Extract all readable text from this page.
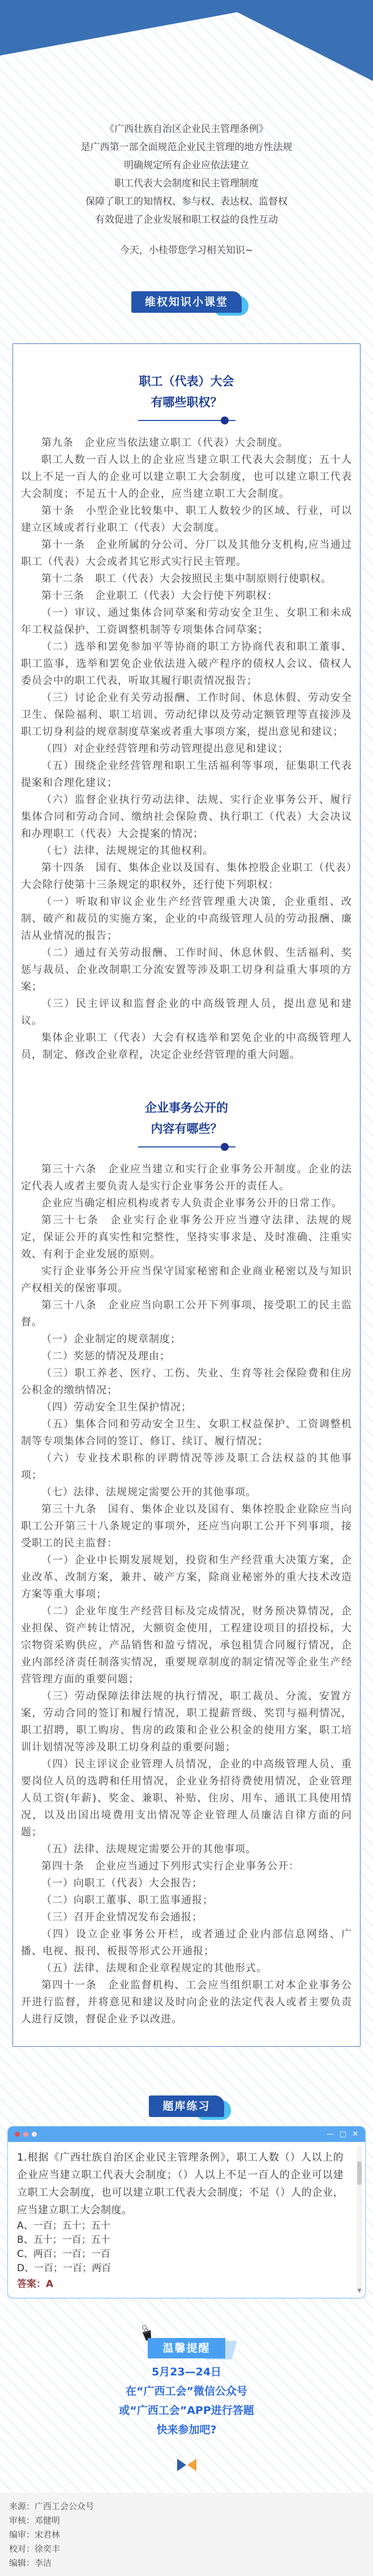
《广西壮族自治区企业民主管理条例》

是广西第一部全面规范企业民主管理的地方性法规

明确规定所有企业应依法建立

职工代表大会制度和民主管理制度

保障了职工的知情权、参与权、表达权、监督权

有效促进了企业发展和职工权益的良性互动

今天，小桂带您学习相关知识~

维权知识小课堂
职工（代表）大会
有哪些职权？

第九条　企业应当依法建立职工（代表）大会制度。

职工人数一百人以上的企业应当建立职工代表大会制度；五十人以上不足一百人的企业可以建立职工大会制度，也可以建立职工代表大会制度；不足五十人的企业，应当建立职工大会制度。

第十条　小型企业比较集中、职工人数较少的区域、行业，可以建立区域或者行业职工（代表）大会制度。

第十一条　企业所属的分公司、分厂以及其他分支机构,应当通过职工（代表）大会或者其它形式实行民主管理。

第十二条　职工（代表）大会按照民主集中制原则行使职权。

第十三条　企业职工（代表）大会行使下列职权：

（一）审议、通过集体合同草案和劳动安全卫生、女职工和未成年工权益保护、工资调整机制等专项集体合同草案；

（二）选举和罢免参加平等协商的职工方协商代表和职工董事、职工监事，选举和罢免企业依法进入破产程序的债权人会议、债权人委员会中的职工代表，听取其履行职责情况报告；

（三）讨论企业有关劳动报酬、工作时间、休息休假、劳动安全卫生、保险福利、职工培训、劳动纪律以及劳动定额管理等直接涉及职工切身利益的规章制度草案或者重大事项方案，提出意见和建议；

（四）对企业经营管理和劳动管理提出意见和建议；

（五）围绕企业经营管理和职工生活福利等事项，征集职工代表提案和合理化建议；

（六）监督企业执行劳动法律、法规、实行企业事务公开、履行集体合同和劳动合同、缴纳社会保险费、执行职工（代表）大会决议和办理职工（代表）大会提案的情况；

（七）法律、法规规定的其他权利。

第十四条　国有、集体企业以及国有、集体控股企业职工（代表）大会除行使第十三条规定的职权外，还行使下列职权：

（一）听取和审议企业生产经营管理重大决策，企业重组、改制、破产和裁员的实施方案，企业的中高级管理人员的劳动报酬、廉洁从业情况的报告；

（二）通过有关劳动报酬、工作时间、休息休假、生活福利、奖惩与裁员、企业改制职工分流安置等涉及职工切身利益重大事项的方案；

（三）民主评议和监督企业的中高级管理人员，提出意见和建议。

集体企业职工（代表）大会有权选举和罢免企业的中高级管理人员，制定、修改企业章程，决定企业经营管理的重大问题。

企业事务公开的
内容有哪些？

第三十六条　企业应当建立和实行企业事务公开制度。企业的法定代表人或者主要负责人是实行企业事务公开的责任人。

企业应当确定相应机构或者专人负责企业事务公开的日常工作。

第三十七条　企业实行企业事务公开应当遵守法律、法规的规定，保证公开的真实性和完整性，坚持实事求是、及时准确、注重实效、有利于企业发展的原则。

实行企业事务公开应当保守国家秘密和企业商业秘密以及与知识产权相关的保密事项。

第三十八条　企业应当向职工公开下列事项，接受职工的民主监督。

（一）企业制定的规章制度；

（二）奖惩的情况及理由；

（三）职工养老、医疗、工伤、失业、生育等社会保险费和住房公积金的缴纳情况；

（四）劳动安全卫生保护情况；

（五）集体合同和劳动安全卫生、女职工权益保护、工资调整机制等专项集体合同的签订、修订、续订、履行情况；

（六）专业技术职称的评聘情况等涉及职工合法权益的其他事项；

（七）法律、法规规定需要公开的其他事项。

第三十九条　国有、集体企业以及国有、集体控股企业除应当向职工公开第三十八条规定的事项外，还应当向职工公开下列事项，接受职工的民主监督：

（一）企业中长期发展规划，投资和生产经营重大决策方案，企业改革、改制方案，兼并、破产方案，除商业秘密外的重大技术改造方案等重大事项；

（二）企业年度生产经营目标及完成情况，财务预决算情况，企业担保、资产转让情况，大额资金使用，工程建设项目的招投标，大宗物资采购供应，产品销售和盈亏情况，承包租赁合同履行情况，企业内部经济责任制落实情况，重要规章制度的制定情况等企业生产经营管理方面的重要问题；

（三）劳动保障法律法规的执行情况，职工裁员、分流、安置方案，劳动合同的签订和履行情况，职工提薪晋级、奖罚与福利情况，职工招聘，职工购房、售房的政策和企业公积金的使用方案，职工培训计划情况等涉及职工切身利益的重要问题；

（四）民主评议企业管理人员情况，企业的中高级管理人员、重要岗位人员的选聘和任用情况，企业业务招待费使用情况，企业管理人员工资(年薪)、奖金、兼职、补贴、住房、用车、通讯工具使用情况，以及出国出境费用支出情况等企业管理人员廉洁自律方面的问题；

（五）法律、法规规定需要公开的其他事项。

第四十条　企业应当通过下列形式实行企业事务公开：

（一）向职工（代表）大会报告；

（二）向职工董事、职工监事通报；

（三）召开企业情况发布会通报；

（四）设立企业事务公开栏，或者通过企业内部信息网络、广播、电视、报刊、板报等形式公开通报；

（五）法律、法规和企业章程规定的其他形式。

第四十一条　企业监督机构、工会应当组织职工对本企业事务公开进行监督，并将意见和建议及时向企业的法定代表人或者主要负责人进行反馈，督促企业予以改进。

题库练习
— □ ✕

1.根据《广西壮族自治区企业民主管理条例》，职工人数（）人以上的企业应当建立职工代表大会制度；（）人以上不足一百人的企业可以建立职工大会制度，也可以建立职工代表大会制度；不足（）人的企业，应当建立职工大会制度。

A、一百；五十；五十

B、五十；一百；五十

C、两百；一百；一百

D、一百；一百；两百

答案：A

▼
温馨提醒

5月23—24日

在“广西工会”微信公众号

或“广西工会”APP进行答题

快来参加吧?

来源：广西工会公众号

审核：邓健明

编审：宋君林

校对：徐奕丰

编辑：李洁
